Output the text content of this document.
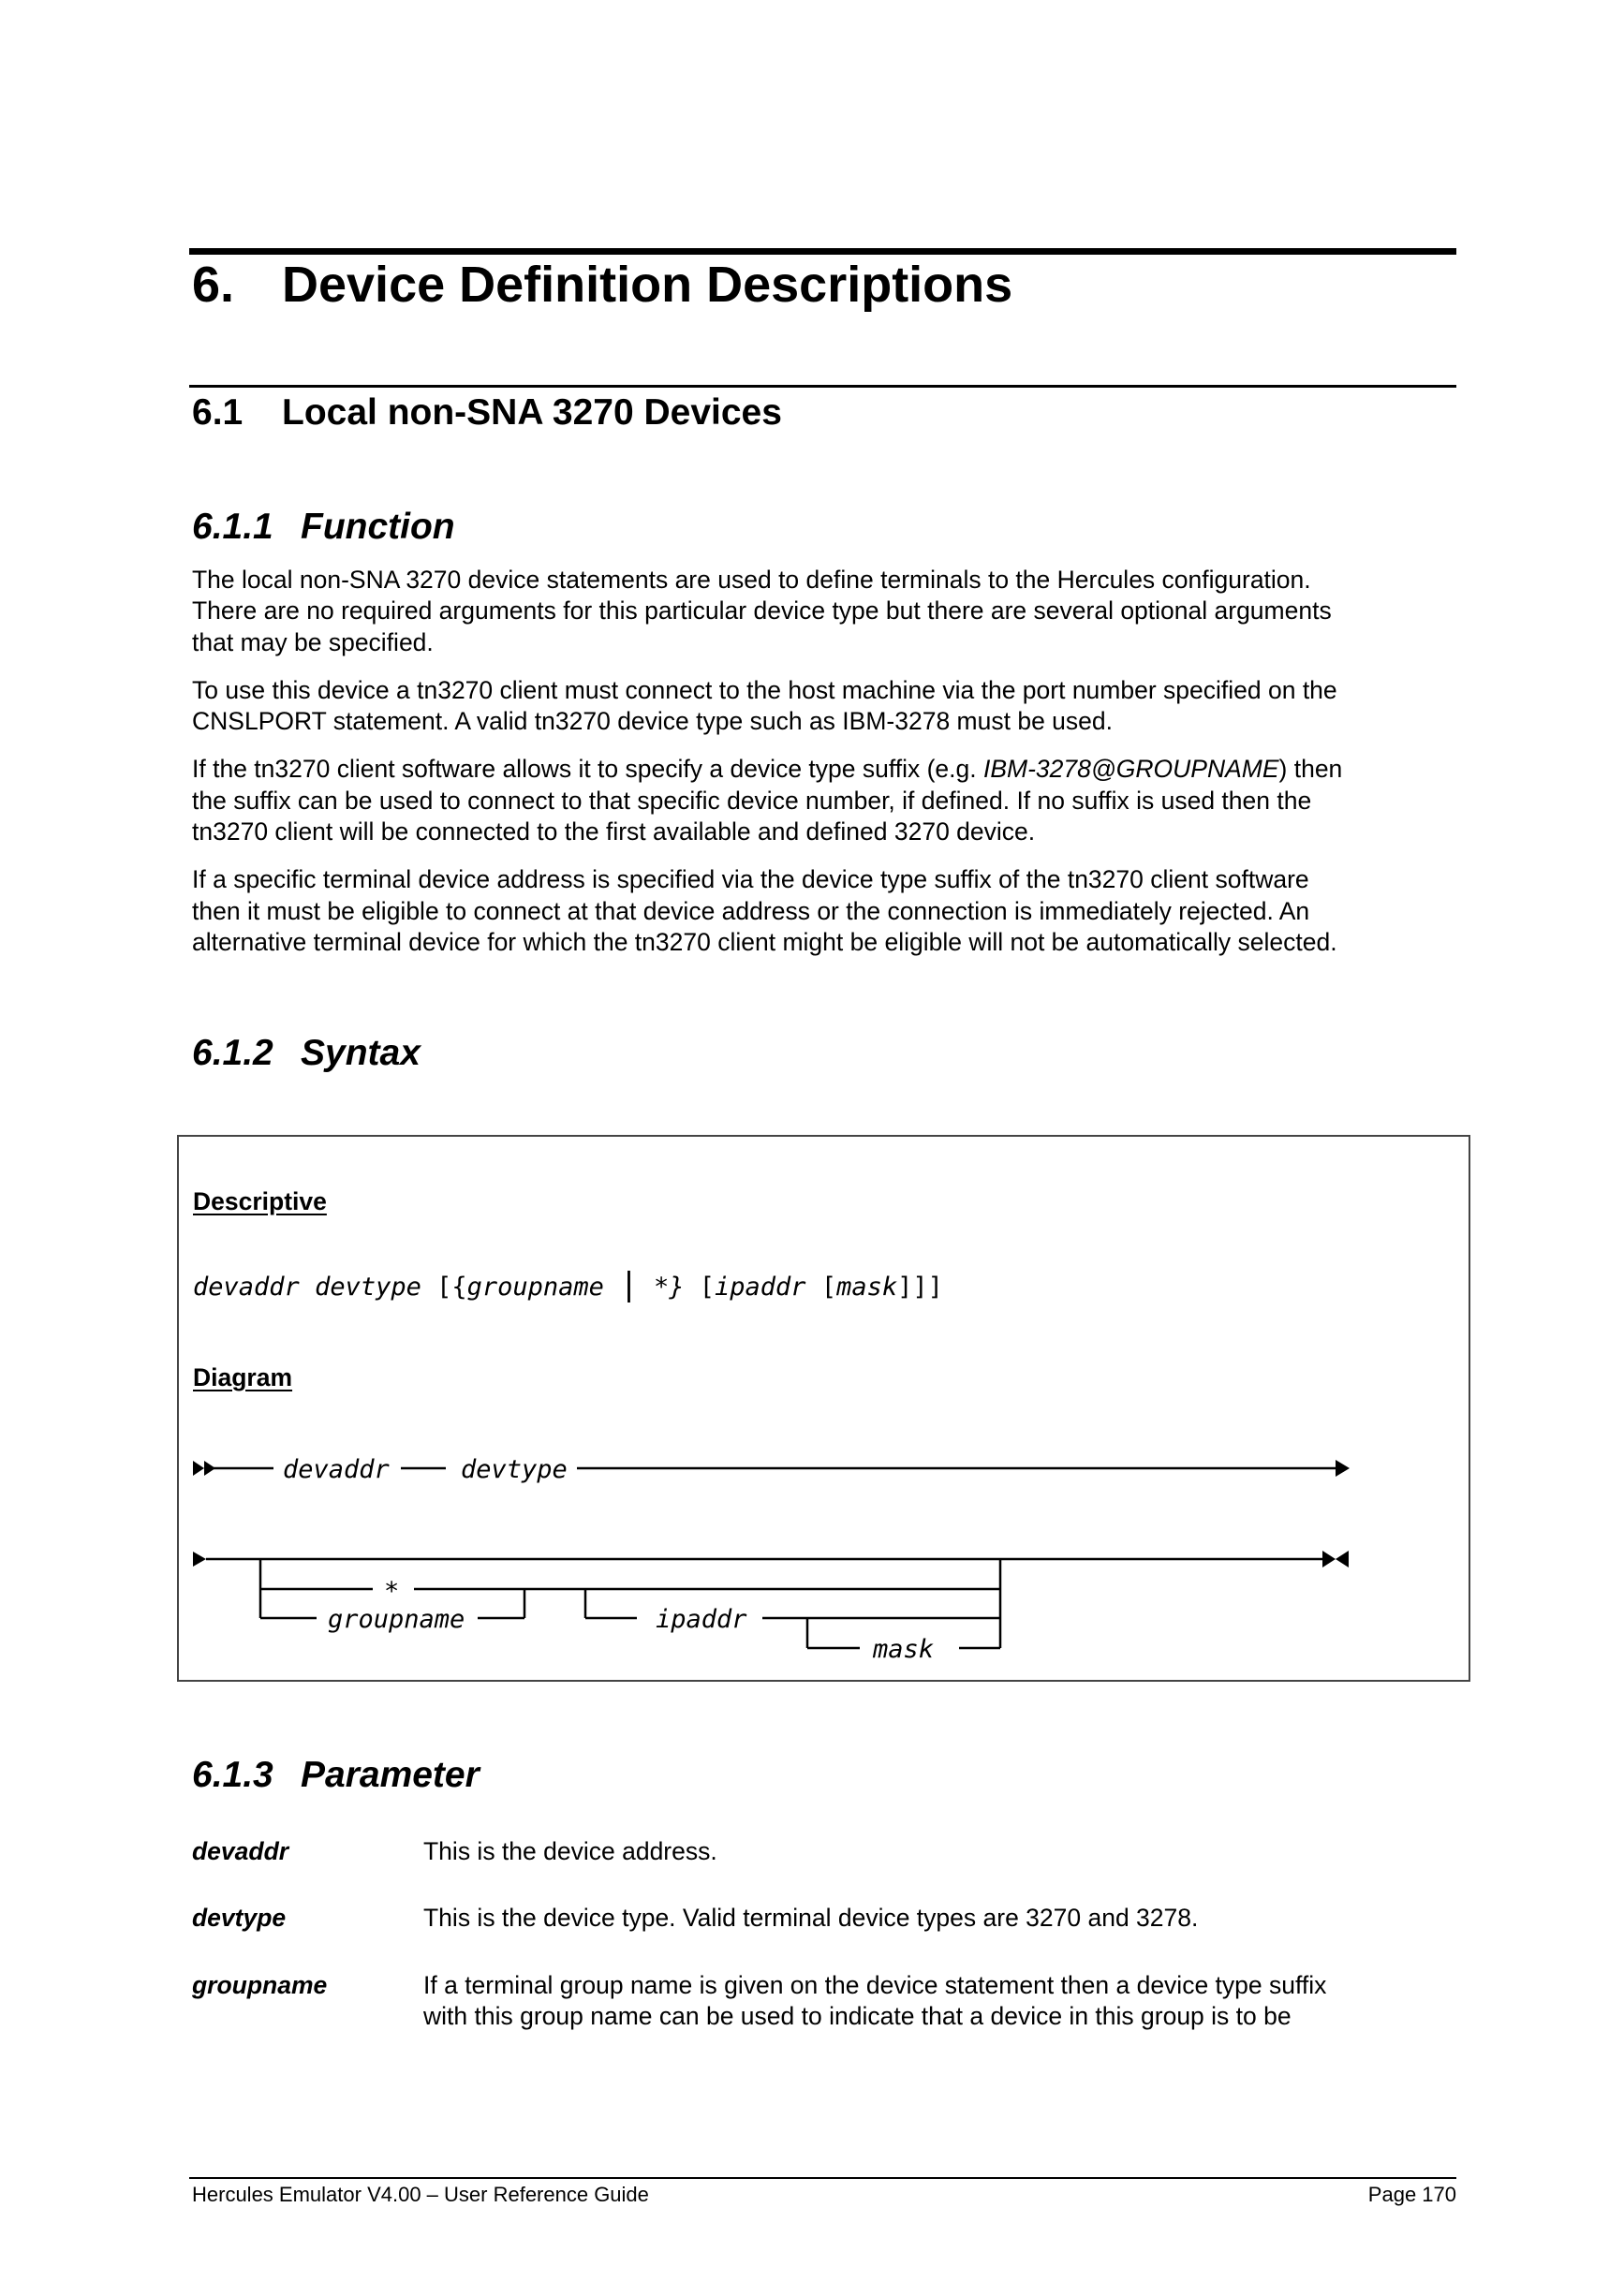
6. Device Definition Descriptions
6.1 Local non-SNA 3270 Devices
6.1.1 Function

The local non-SNA 3270 device statements are used to define terminals to the Hercules configuration.
There are no required arguments for this particular device type but there are several optional arguments
that may be specified.

To use this device a tn3270 client must connect to the host machine via the port number specified on the
CNSLPORT statement. A valid tn3270 device type such as IBM-3278 must be used.

If the tn3270 client software allows it to specify a device type suffix (e.g. IBM-3278@GROUPNAME) then
the suffix can be used to connect to that specific device number, if defined. If no suffix is used then the
tn3270 client will be connected to the first available and defined 3270 device.

If a specific terminal device address is specified via the device type suffix of the tn3270 client software
then it must be eligible to connect at that device address or the connection is immediately rejected. An
alternative terminal device for which the tn3270 client might be eligible will not be automatically selected.

6.1.2 Syntax
Descriptive
devaddr devtype [{groupname | *} [ipaddr [mask]]]
Diagram
devaddr	devtype
*
groupname	ipaddr
mask
6.1.3 Parameter
devaddr	This is the device address.
devtype	This is the device type. Valid terminal device types are 3270 and 3278.
groupname	If a terminal group name is given on the device statement then a device type suffix
with this group name can be used to indicate that a device in this group is to be
Hercules Emulator V4.00 – User Reference Guide	Page 170
